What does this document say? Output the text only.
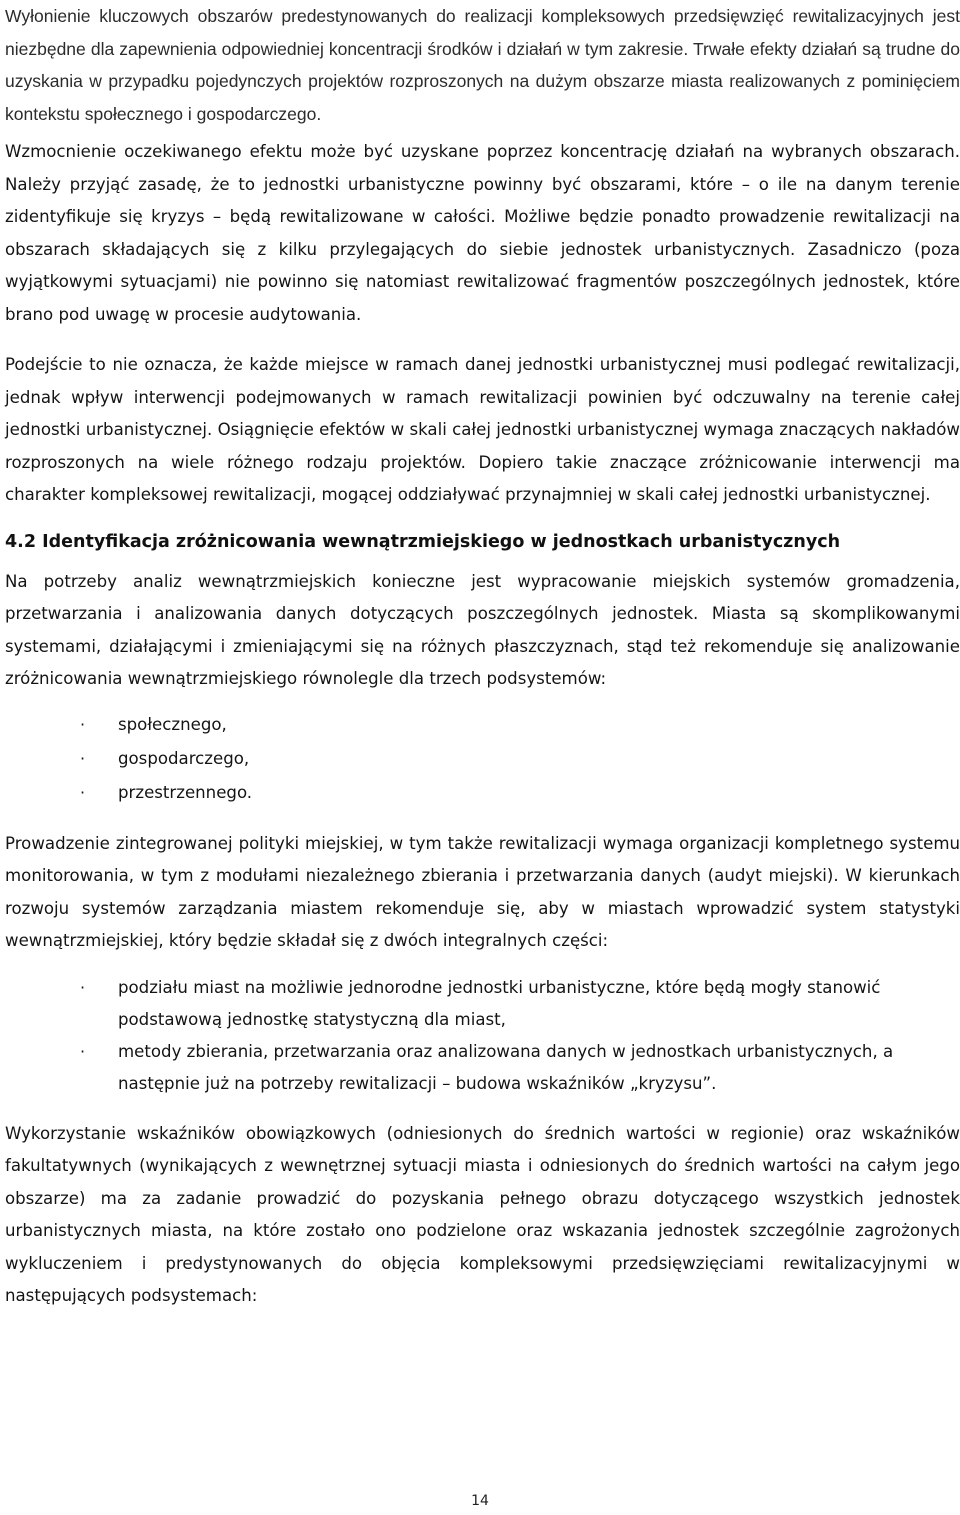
Wyłonienie kluczowych obszarów predestynowanych do realizacji kompleksowych przedsięwzięć rewitalizacyjnych jest niezbędne dla zapewnienia odpowiedniej koncentracji środków i działań w tym zakresie. Trwałe efekty działań są trudne do uzyskania w przypadku pojedynczych projektów rozproszonych na dużym obszarze miasta realizowanych z pominięciem kontekstu społecznego i gospodarczego.

Wzmocnienie oczekiwanego efektu może być uzyskane poprzez koncentrację działań na wybranych obszarach. Należy przyjąć zasadę, że to jednostki urbanistyczne powinny być obszarami, które – o ile na danym terenie zidentyfikuje się kryzys – będą rewitalizowane w całości. Możliwe będzie ponadto prowadzenie rewitalizacji na obszarach składających się z kilku przylegających do siebie jednostek urbanistycznych. Zasadniczo (poza wyjątkowymi sytuacjami) nie powinno się natomiast rewitalizować fragmentów poszczególnych jednostek, które brano pod uwagę w procesie audytowania.

Podejście to nie oznacza, że każde miejsce w ramach danej jednostki urbanistycznej musi podlegać rewitalizacji, jednak wpływ interwencji podejmowanych w ramach rewitalizacji powinien być odczuwalny na terenie całej jednostki urbanistycznej. Osiągnięcie efektów w skali całej jednostki urbanistycznej wymaga znaczących nakładów rozproszonych na wiele różnego rodzaju projektów. Dopiero takie znaczące zróżnicowanie interwencji ma charakter kompleksowej rewitalizacji, mogącej oddziaływać przynajmniej w skali całej jednostki urbanistycznej.

4.2 Identyfikacja zróżnicowania wewnątrzmiejskiego w jednostkach urbanistycznych

Na potrzeby analiz wewnątrzmiejskich konieczne jest wypracowanie miejskich systemów gromadzenia, przetwarzania i analizowania danych dotyczących poszczególnych jednostek. Miasta są skomplikowanymi systemami, działającymi i zmieniającymi się na różnych płaszczyznach, stąd też rekomenduje się analizowanie zróżnicowania wewnątrzmiejskiego równolegle dla trzech podsystemów:

· społecznego,
· gospodarczego,
· przestrzennego.

Prowadzenie zintegrowanej polityki miejskiej, w tym także rewitalizacji wymaga organizacji kompletnego systemu monitorowania, w tym z modułami niezależnego zbierania i przetwarzania danych (audyt miejski). W kierunkach rozwoju systemów zarządzania miastem rekomenduje się, aby w miastach wprowadzić system statystyki wewnątrzmiejskiej, który będzie składał się z dwóch integralnych części:

· podziału miast na możliwie jednorodne jednostki urbanistyczne, które będą mogły stanowić podstawową jednostkę statystyczną dla miast,
· metody zbierania, przetwarzania oraz analizowana danych w jednostkach urbanistycznych, a następnie już na potrzeby rewitalizacji – budowa wskaźników „kryzysu”.

Wykorzystanie wskaźników obowiązkowych (odniesionych do średnich wartości w regionie) oraz wskaźników fakultatywnych (wynikających z wewnętrznej sytuacji miasta i odniesionych do średnich wartości na całym jego obszarze) ma za zadanie prowadzić do pozyskania pełnego obrazu dotyczącego wszystkich jednostek urbanistycznych miasta, na które zostało ono podzielone oraz wskazania jednostek szczególnie zagrożonych wykluczeniem i predystynowanych do objęcia kompleksowymi przedsięwzięciami rewitalizacyjnymi w następujących podsystemach:

14
